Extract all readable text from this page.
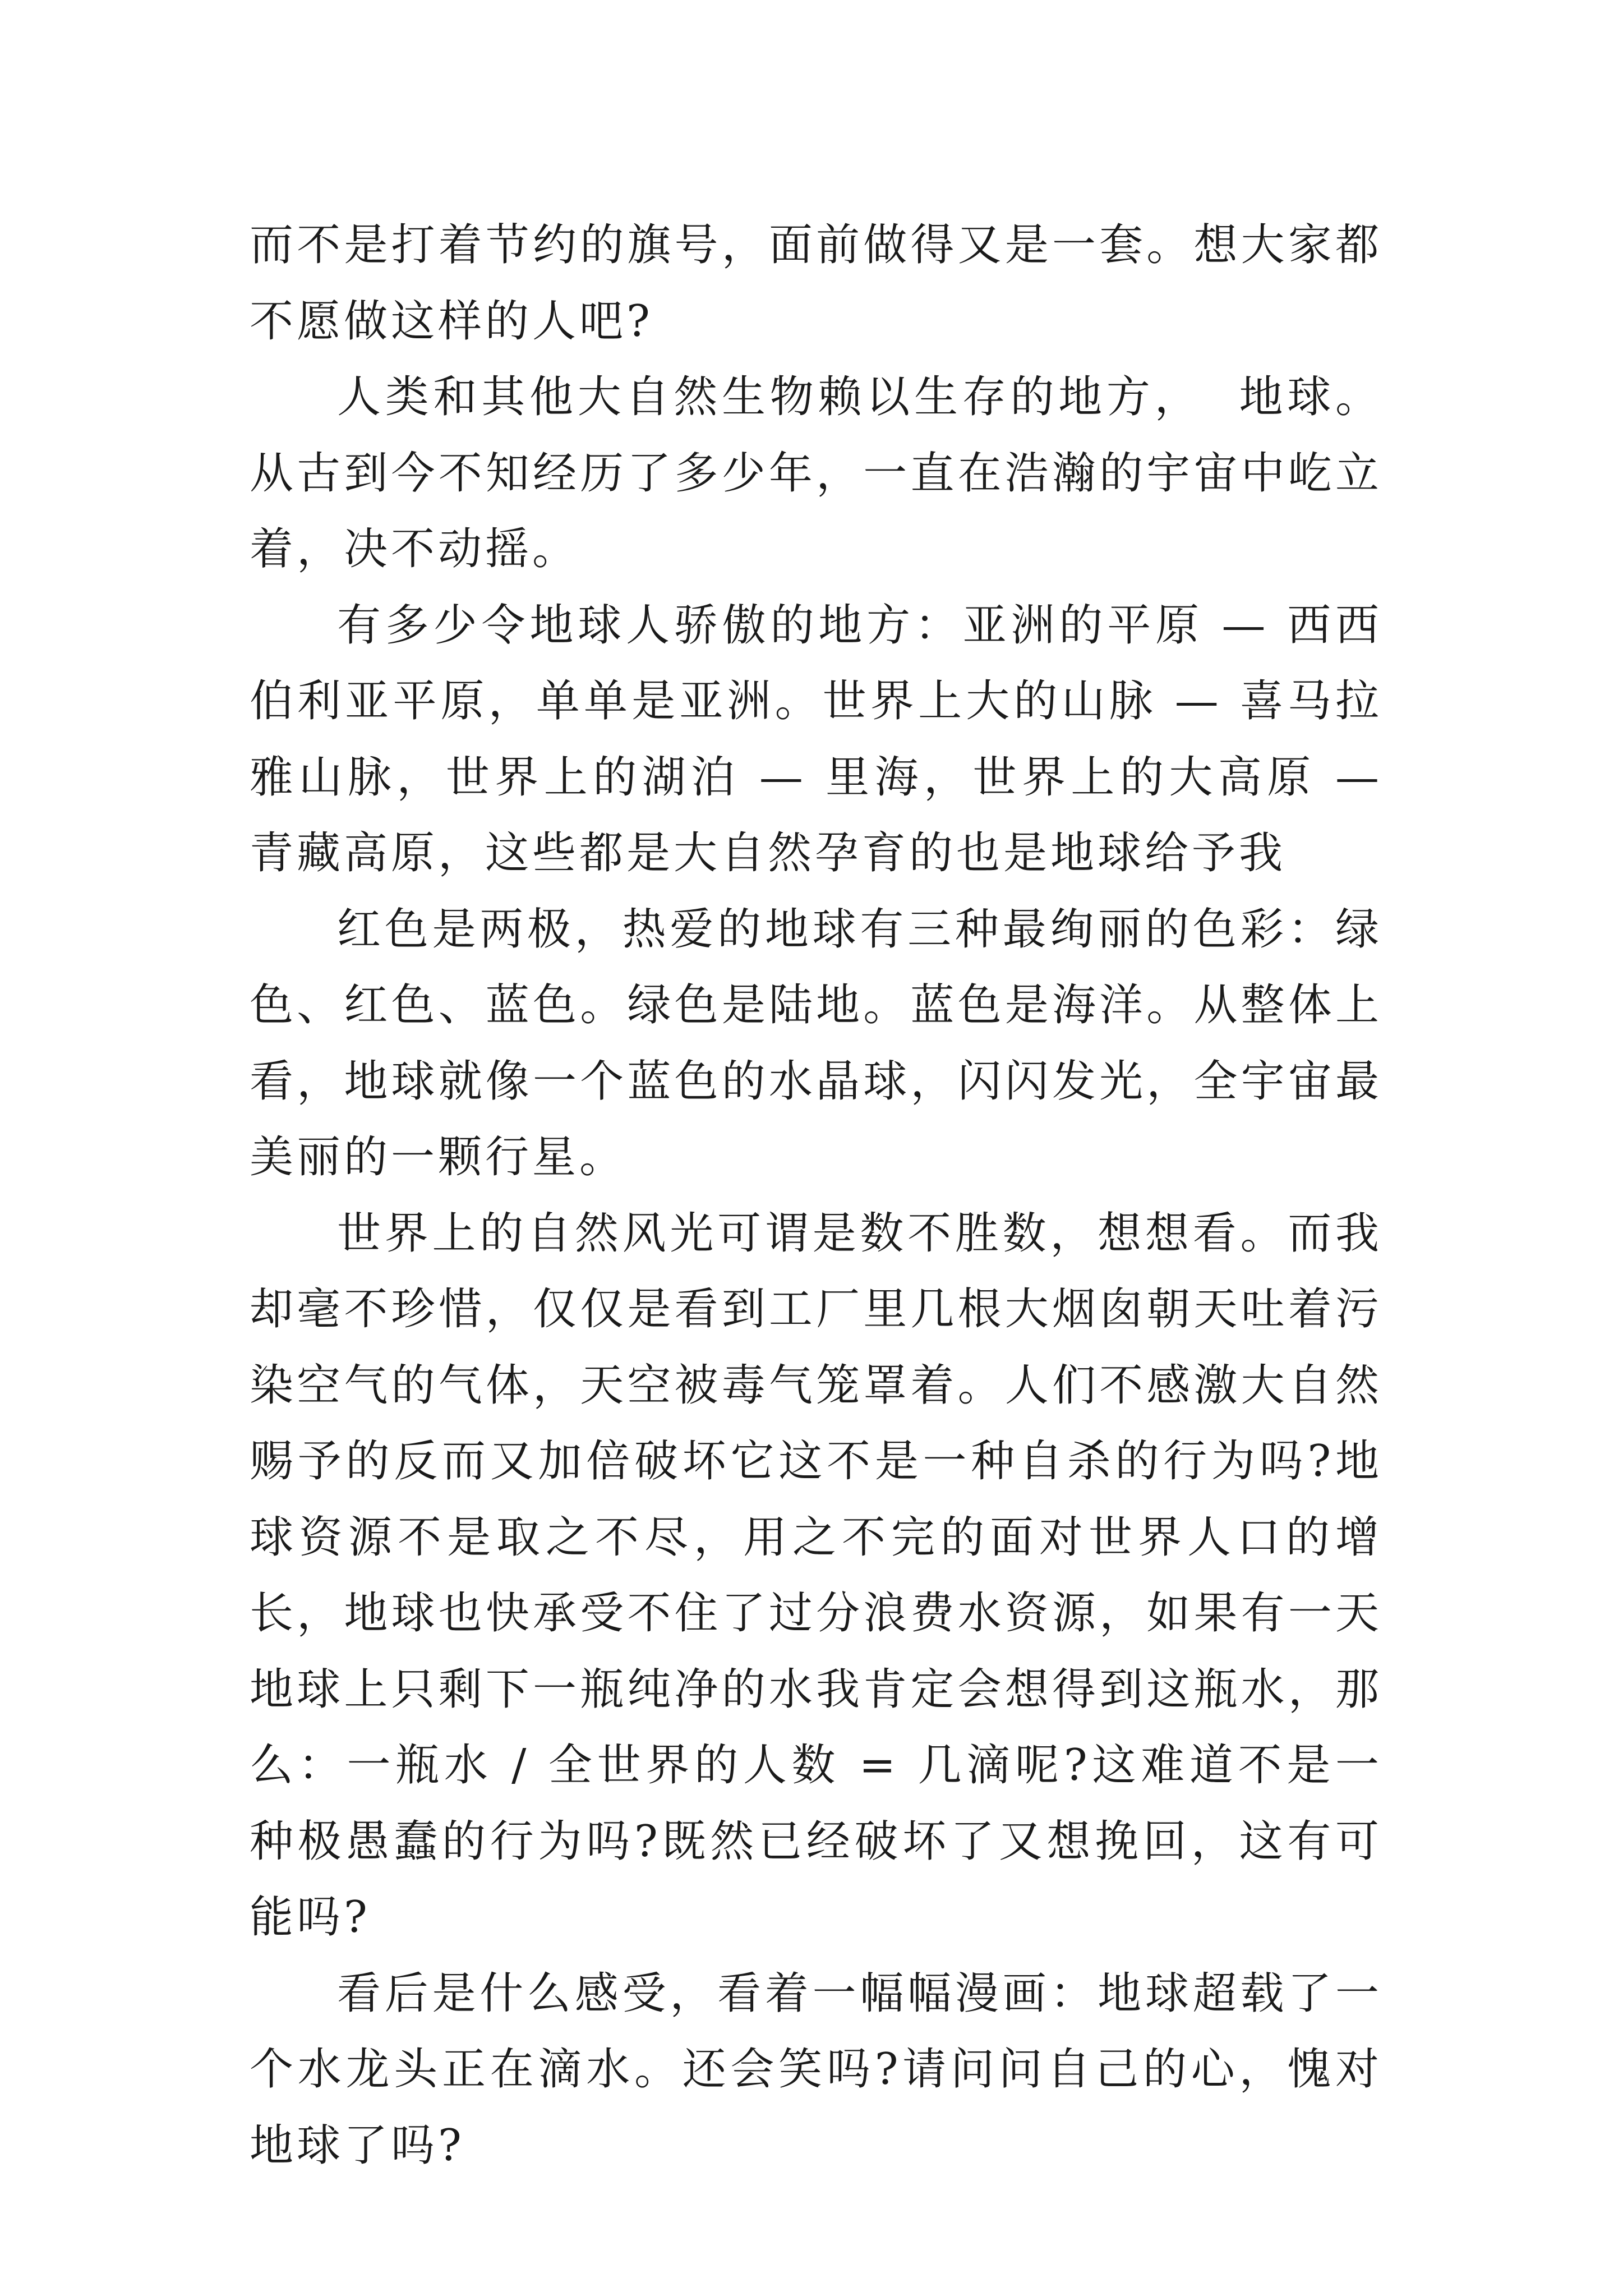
而不是打着节约的旗号，面前做得又是一套。想大家都不愿做这样的人吧?

人类和其他大自然生物赖以生存的地方，  地球。从古到今不知经历了多少年，一直在浩瀚的宇宙中屹立着，决不动摇。

有多少令地球人骄傲的地方：亚洲的平原 — 西西伯利亚平原，单单是亚洲。世界上大的山脉 — 喜马拉雅山脉，世界上的湖泊 — 里海，世界上的大高原 — 青藏高原，这些都是大自然孕育的也是地球给予我

红色是两极，热爱的地球有三种最绚丽的色彩：绿色、红色、蓝色。绿色是陆地。蓝色是海洋。从整体上看，地球就像一个蓝色的水晶球，闪闪发光，全宇宙最美丽的一颗行星。

世界上的自然风光可谓是数不胜数，想想看。而我却毫不珍惜，仅仅是看到工厂里几根大烟囱朝天吐着污染空气的气体，天空被毒气笼罩着。人们不感激大自然赐予的反而又加倍破坏它这不是一种自杀的行为吗?地球资源不是取之不尽，用之不完的面对世界人口的增长，地球也快承受不住了过分浪费水资源，如果有一天地球上只剩下一瓶纯净的水我肯定会想得到这瓶水，那么：一瓶水 / 全世界的人数 = 几滴呢?这难道不是一种极愚蠢的行为吗?既然已经破坏了又想挽回，这有可能吗?

看后是什么感受，看着一幅幅漫画：地球超载了一个水龙头正在滴水。还会笑吗?请问问自己的心，愧对地球了吗?
